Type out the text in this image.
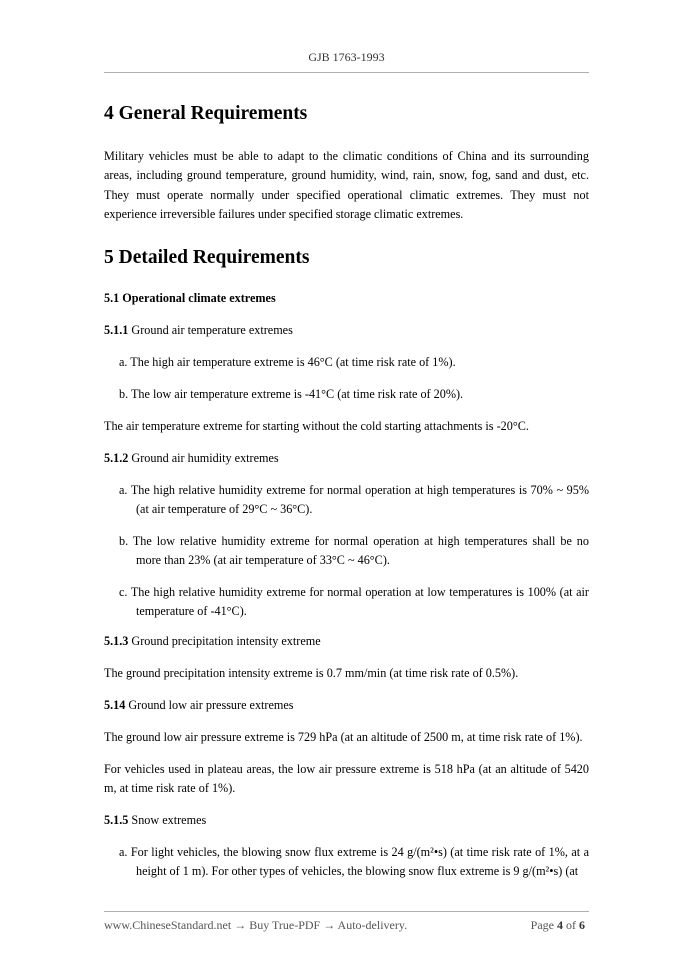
GJB 1763-1993
4 General Requirements

Military vehicles must be able to adapt to the climatic conditions of China and its surrounding areas, including ground temperature, ground humidity, wind, rain, snow, fog, sand and dust, etc. They must operate normally under specified operational climatic extremes. They must not experience irreversible failures under specified storage climatic extremes.

5 Detailed Requirements

5.1 Operational climate extremes

5.1.1 Ground air temperature extremes

a. The high air temperature extreme is 46°C (at time risk rate of 1%).

b. The low air temperature extreme is -41°C (at time risk rate of 20%).

The air temperature extreme for starting without the cold starting attachments is -20°C.

5.1.2 Ground air humidity extremes

a. The high relative humidity extreme for normal operation at high temperatures is 70% ~ 95% (at air temperature of 29°C ~ 36°C).

b. The low relative humidity extreme for normal operation at high temperatures shall be no more than 23% (at air temperature of 33°C ~ 46°C).

c. The high relative humidity extreme for normal operation at low temperatures is 100% (at air temperature of -41°C).

5.1.3 Ground precipitation intensity extreme

The ground precipitation intensity extreme is 0.7 mm/min (at time risk rate of 0.5%).

5.14 Ground low air pressure extremes

The ground low air pressure extreme is 729 hPa (at an altitude of 2500 m, at time risk rate of 1%).

For vehicles used in plateau areas, the low air pressure extreme is 518 hPa (at an altitude of 5420 m, at time risk rate of 1%).

5.1.5 Snow extremes

a. For light vehicles, the blowing snow flux extreme is 24 g/(m²•s) (at time risk rate of 1%, at a height of 1 m). For other types of vehicles, the blowing snow flux extreme is 9 g/(m²•s) (at

www.ChineseStandard.net → Buy True-PDF → Auto-delivery.	Page 4 of 6
